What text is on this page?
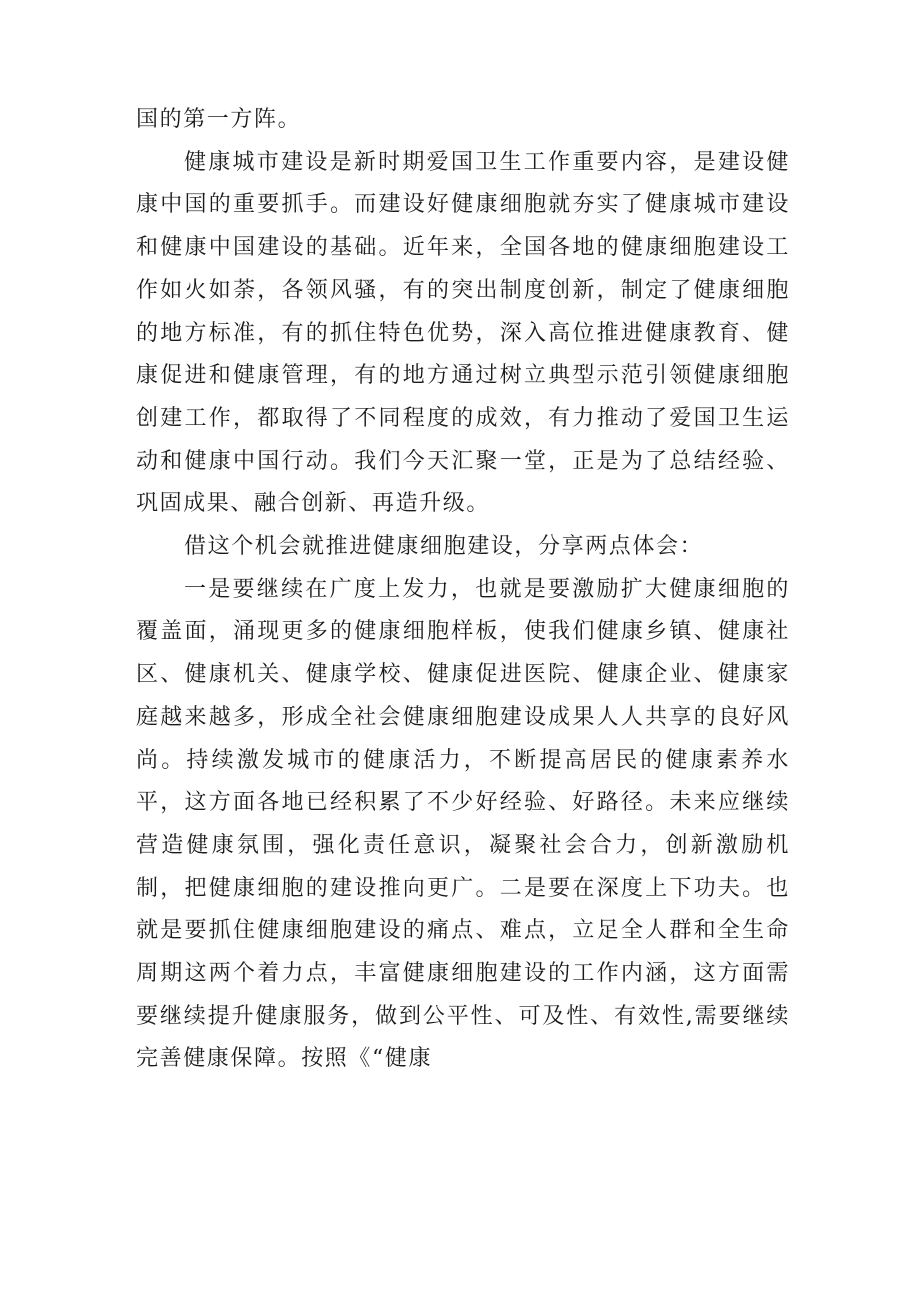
国的第一方阵。

健康城市建设是新时期爱国卫生工作重要内容，是建设健康中国的重要抓手。而建设好健康细胞就夯实了健康城市建设和健康中国建设的基础。近年来，全国各地的健康细胞建设工作如火如荼，各领风骚，有的突出制度创新，制定了健康细胞的地方标准，有的抓住特色优势，深入高位推进健康教育、健康促进和健康管理，有的地方通过树立典型示范引领健康细胞创建工作，都取得了不同程度的成效，有力推动了爱国卫生运动和健康中国行动。我们今天汇聚一堂，正是为了总结经验、巩固成果、融合创新、再造升级。

借这个机会就推进健康细胞建设，分享两点体会：

一是要继续在广度上发力，也就是要激励扩大健康细胞的覆盖面，涌现更多的健康细胞样板，使我们健康乡镇、健康社区、健康机关、健康学校、健康促进医院、健康企业、健康家庭越来越多，形成全社会健康细胞建设成果人人共享的良好风尚。持续激发城市的健康活力，不断提高居民的健康素养水平，这方面各地已经积累了不少好经验、好路径。未来应继续营造健康氛围，强化责任意识，凝聚社会合力，创新激励机制，把健康细胞的建设推向更广。二是要在深度上下功夫。也就是要抓住健康细胞建设的痛点、难点，立足全人群和全生命周期这两个着力点，丰富健康细胞建设的工作内涵，这方面需要继续提升健康服务，做到公平性、可及性、有效性,需要继续完善健康保障。按照《“健康
